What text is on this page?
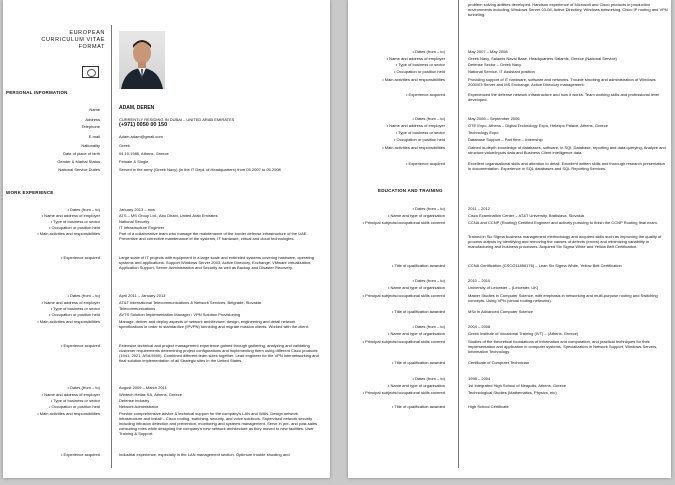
EUROPEAN
CURRICULUM VITAE
FORMAT
PERSONAL INFORMATION
Name	ADAM, DEREN
Address	CURRENTLY RESIDING IN DUBAI – UNITED ARAB EMIRATES
Telephone	(+971) 0050 00 150
E-mail	Adam.adam@gmail.com
Nationality	Greek
Date of place of birth	04.10.1985, Athens, Greece
Gender & Marital Status	Female & Single
National Service Duties	Served in the army (Greek Navy) (in the IT Dept. of Headquarters) from 05.2007 to 05.2008
WORK EXPERIENCE
• Dates (from – to)	January 2013 – now
• Name and address of employer	ATS – MS Group Ltd., Abu Dhabi, United Arab Emirates
• Type of business or sector	National Security
• Occupation or position held	IT Infrastructure Engineer
• Main activities and responsibilities	Part of a collaborative team who manage the maintenance of the border defense infrastructure of the UAE. Preventive and corrective maintenance of the systems, IT hardware, virtual and cloud technologies.
• Experience acquired	Large scale of IT projects with equipment in a large scale and extended systems covering hardware, operating systems and applications. Support Windows Server 2003, Active Directory, Exchange, VMware virtualization, Application Support, Server Administration and Security as well as Backup and Disaster Recovery.
• Dates (from – to)	April 2011 – January 2013
• Name and address of employer	AT&T International Telecommunications & Network Services, Belgrade, Slovakia
• Type of business or sector	Telecommunications
• Occupation or position held	AVTS Solution Implementation Manager / VPN Solution Provisioning
• Main activities and responsibilities	Manage, deliver and deploy aspects of network architecture, design, engineering and detail network specifications in order to standardize (IPVPN) tunneling and migrate mission clients. Worked with the client.
• Experience acquired	Extensive technical and project management experience gained through gathering, analyzing and validating customer requirements determining project configurations and implementing them using different Cisco products (1941, 2921, ASA 5500). Combined different team sizes together. Lead engineer for the VPN internetworking and final solution implementation of all Strategic sites in the United States.
• Dates (from – to)	August 2009 – March 2011
• Name and address of employer	Wintech Hellas SA, Athens, Greece
• Type of business or sector	Defense Industry
• Occupation or position held	Network Administrator
• Main activities and responsibilities	Provide comprehensive advice & technical support for the company's LAN and WAN. Design network infrastructure and install – Cisco routing, switching, security, and voice solutions. Supervised network security including intrusion detection and prevention, monitoring and systems management. Serve in pre- and post-sales consulting roles while designing the company's new network architecture as they moved to new facilities. User Training & Support.
• Experience acquired	Industrial experience, especially in the LAN management section. Optimum trouble shooting and
problem solving abilities developed. Handson experience of Microsoft and Cisco products in production environments including, Windows Server 03-08, Active Directory, Windows networking, Cisco IP routing and VPN tunneling.
• Dates (from – to)	May 2007 – May 2008
• Name and address of employer	Greek Navy, Salamis Naval Base, Headquarters Salamis, Greece (National Service)
• Type of business or sector	Defense Sector – Greek Navy
• Occupation or position held	National Service, IT Assistant position
• Main activities and responsibilities	Providing support of IT hardware, software and networks. Trouble shooting and administration of Windows 2000/03 Server and MS Exchange, Active Directory management.
• Experience acquired	Experienced the defense network infrastructure and how it works. Team working skills and professional level developed.
• Dates (from – to)	May 2006 – September 2006
• Name and address of employer	OTE Expo, Athens – Digital Technology Expo, Helexpo Palace, Athens, Greece
• Type of business or sector	Technology Expo
• Occupation or position held	Database Support – Part time – Internship
• Main activities and responsibilities	Gained in-depth knowledge of databases, software, in SQL Database, reporting and data querying, Analyze and structure value/inputs data and Business Client intelligence data.
• Experience acquired	Excellent organisational skills and attention to detail. Excellent written skills and thorough research presentation in documentation. Experience in SQL databases and SQL Reporting Services.
EDUCATION AND TRAINING
• Dates (from – to)	2011 – 2012
• Name and type of organisation	Cisco Examination Center – AT&T University, Bratislava, Slovakia
• Principal subjects/occupational skills covered	CCNA and CCNP (Routing) Certified Engineer and actively pursuing to finish the CCNP Routing final exam.
Trained in Six Sigma business management methodology and acquired skills such as improving the quality of process outputs by identifying and removing the causes of defects (errors) and minimizing variability in manufacturing and business processes. Acquired Six Sigma White and Yellow Belt Certification.
• Title of qualification awarded	CCNA Certification (CSCO11856176) – Lean Six Sigma White, Yellow Belt Certification
• Dates (from – to)	2010 – 2010
• Name and type of organisation	University of Leicester – (Leicester, UK)
• Principal subjects/occupational skills covered	Master Studies in Computer Science, with emphasis in networking and multi-purpose routing and Switching concepts. Using VPN (virtual routing networks).
• Title of qualification awarded	MSc in Advanced Computer Science
• Dates (from – to)	2004 – 2008
• Name and type of organisation	Greek Institute of Vocational Training (IVT) – (Athens, Greece)
• Principal subjects/occupational skills covered	Studies of the theoretical foundations of information and computation, and practical techniques for their implementation and application in computer systems. Specialization in Network Support, Windows Servers, Information Technology.
• Title of qualification awarded	Certificate of Computer Technician
• Dates (from – to)	1998 – 2004
• Name and type of organisation	1st Integrated High School of Neapolis, Athens, Greece
• Principal subjects/occupational skills covered	Technological Studies (Mathematics, Physics, etc)
• Title of qualification awarded	High School Certificate
